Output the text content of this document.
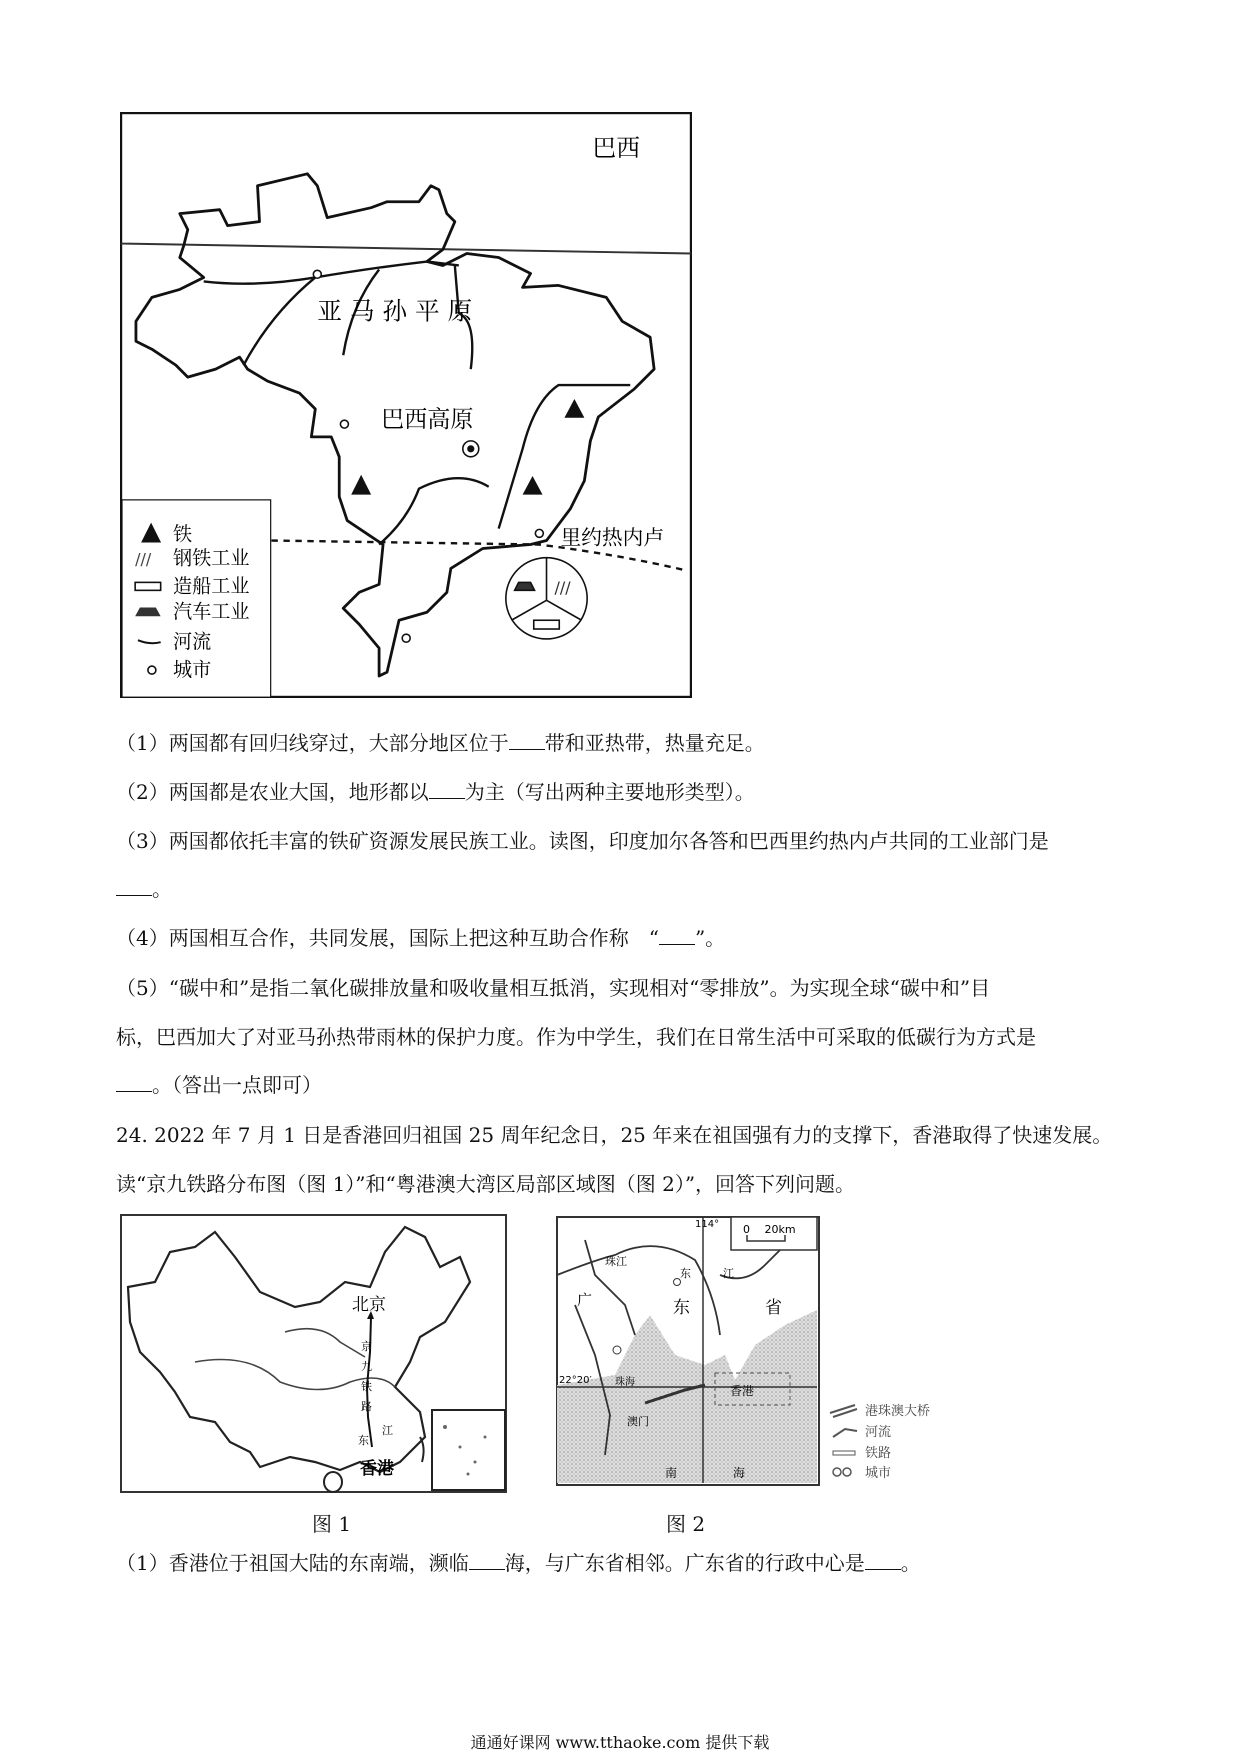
巴西
亚 马 孙 平 原
巴西高原
里约热内卢
///
///
铁
钢铁工业
造船工业
汽车工业
河流
城市
（1）两国都有回归线穿过，大部分地区位于 带和亚热带，热量充足。
（2）两国都是农业大国，地形都以 为主（写出两种主要地形类型）。
（3）两国都依托丰富的铁矿资源发展民族工业。读图，印度加尔各答和巴西里约热内卢共同的工业部门是
。
（4）两国相互合作，共同发展，国际上把这种互助合作称　“ ”。
（5）“碳中和”是指二氧化碳排放量和吸收量相互抵消，实现相对“零排放”。为实现全球“碳中和”目
标，巴西加大了对亚马孙热带雨林的保护力度。作为中学生，我们在日常生活中可采取的低碳行为方式是
。（答出一点即可）
24. 2022 年 7 月 1 日是香港回归祖国 25 周年纪念日，25 年来在祖国强有力的支撑下，香港取得了快速发展。
读“京九铁路分布图（图 1）”和“粤港澳大湾区局部区域图（图 2）”，回答下列问题。
北京
京
九
铁
路
江
东
香港
图 1
0　 20km
114°
22°20′
珠江
东	江
广	东	省
珠海
澳门
香港
南	海
港珠澳大桥
河流
铁路
城市
图 2
（1）香港位于祖国大陆的东南端，濒临 海，与广东省相邻。广东省的行政中心是 。
通通好课网 www.tthaoke.com 提供下载
